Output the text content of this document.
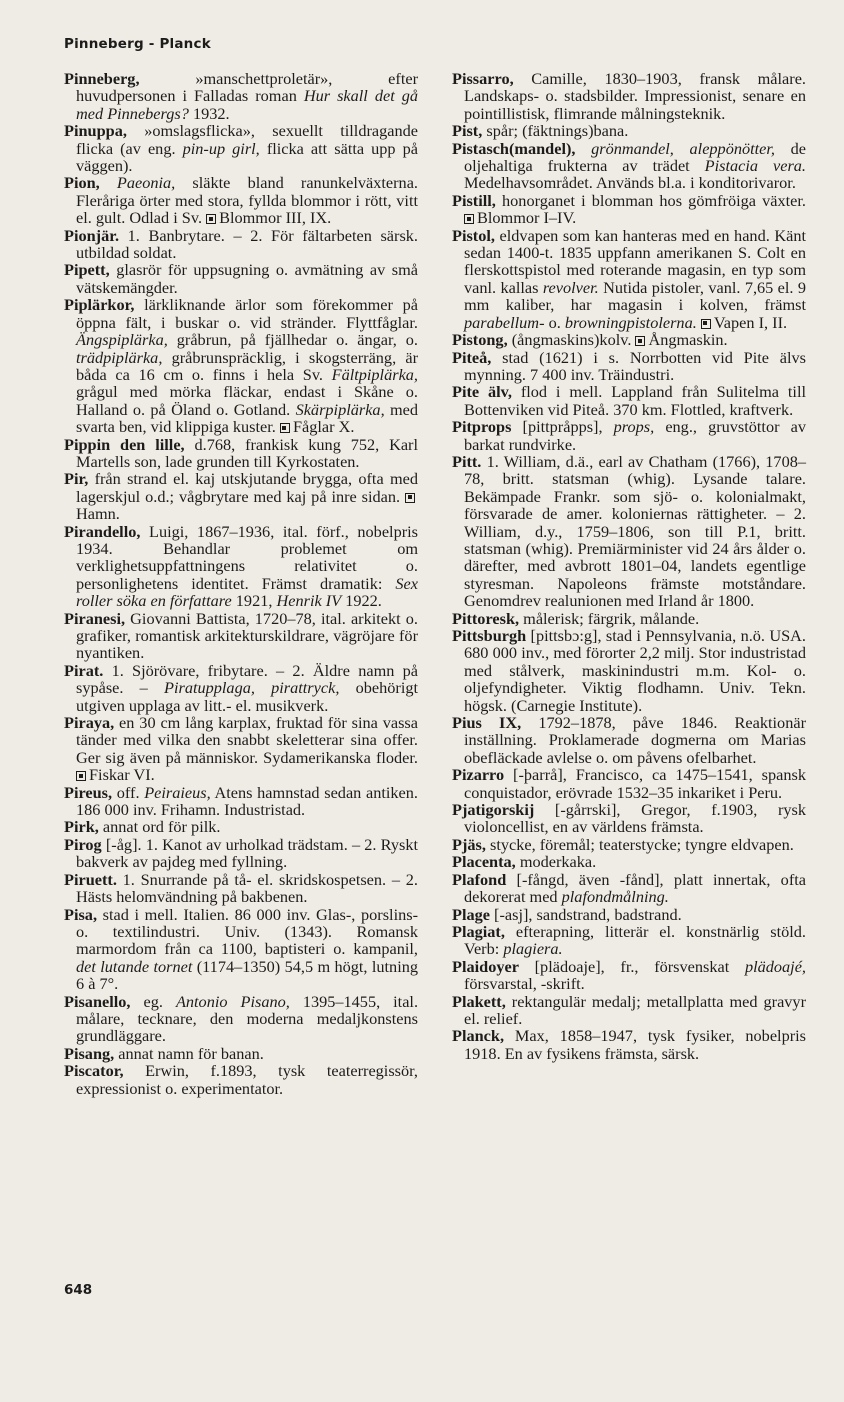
Pinneberg - Planck

Pinneberg, »manschettproletär», efter huvudpersonen i Falladas roman Hur skall det gå med Pinnebergs? 1932.

Pinuppa, »omslagsflicka», sexuellt tilldragande flicka (av eng. pin-up girl, flicka att sätta upp på väggen).

Pion, Paeonia, släkte bland ranunkelväxterna. Fleråriga örter med stora, fyllda blommor i rött, vitt el. gult. Odlad i Sv. Blommor III, IX.

Pionjär. 1. Banbrytare. – 2. För fältarbeten särsk. utbildad soldat.

Pipett, glasrör för uppsugning o. avmätning av små vätskemängder.

Piplärkor, lärkliknande ärlor som förekommer på öppna fält, i buskar o. vid stränder. Flyttfåglar. Ängspiplärka, gråbrun, på fjällhedar o. ängar, o. trädpiplärka, gråbrunspräcklig, i skogsterräng, är båda ca 16 cm o. finns i hela Sv. Fältpiplärka, grågul med mörka fläckar, endast i Skåne o. Halland o. på Öland o. Gotland. Skärpiplärka, med svarta ben, vid klippiga kuster. Fåglar X.

Pippin den lille, d.768, frankisk kung 752, Karl Martells son, lade grunden till Kyrkostaten.

Pir, från strand el. kaj utskjutande brygga, ofta med lagerskjul o.d.; vågbrytare med kaj på inre sidan. Hamn.

Pirandello, Luigi, 1867–1936, ital. förf., nobelpris 1934. Behandlar problemet om verklighetsuppfattningens relativitet o. personlighetens identitet. Främst dramatik: Sex roller söka en författare 1921, Henrik IV 1922.

Piranesi, Giovanni Battista, 1720–78, ital. arkitekt o. grafiker, romantisk arkitekturskildrare, vägröjare för nyantiken.

Pirat. 1. Sjörövare, fribytare. – 2. Äldre namn på sypåse. – Piratupplaga, pirattryck, obehörigt utgiven upplaga av litt.- el. musikverk.

Piraya, en 30 cm lång karplax, fruktad för sina vassa tänder med vilka den snabbt skeletterar sina offer. Ger sig även på människor. Sydamerikanska floder. Fiskar VI.

Pireus, off. Peiraieus, Atens hamnstad sedan antiken. 186 000 inv. Frihamn. Industristad.

Pirk, annat ord för pilk.

Pirog [-åg]. 1. Kanot av urholkad trädstam. – 2. Ryskt bakverk av pajdeg med fyllning.

Piruett. 1. Snurrande på tå- el. skridskospetsen. – 2. Hästs helomvändning på bakbenen.

Pisa, stad i mell. Italien. 86 000 inv. Glas-, porslins- o. textilindustri. Univ. (1343). Romansk marmordom från ca 1100, baptisteri o. kampanil, det lutande tornet (1174–1350) 54,5 m högt, lutning 6 à 7°.

Pisanello, eg. Antonio Pisano, 1395–1455, ital. målare, tecknare, den moderna medaljkonstens grundläggare.

Pisang, annat namn för banan.

Piscator, Erwin, f.1893, tysk teaterregissör, expressionist o. experimentator.

Pissarro, Camille, 1830–1903, fransk målare. Landskaps- o. stadsbilder. Impressionist, senare en pointillistisk, flimrande målningsteknik.

Pist, spår; (fäktnings)bana.

Pistasch(mandel), grönmandel, aleppönötter, de oljehaltiga frukterna av trädet Pistacia vera. Medelhavsområdet. Används bl.a. i konditorivaror.

Pistill, honorganet i blomman hos gömfröiga växter. Blommor I–IV.

Pistol, eldvapen som kan hanteras med en hand. Känt sedan 1400-t. 1835 uppfann amerikanen S. Colt en flerskottspistol med roterande magasin, en typ som vanl. kallas revolver. Nutida pistoler, vanl. 7,65 el. 9 mm kaliber, har magasin i kolven, främst parabellum- o. browningpistolerna. Vapen I, II.

Pistong, (ångmaskins)kolv. Ångmaskin.

Piteå, stad (1621) i s. Norrbotten vid Pite älvs mynning. 7 400 inv. Träindustri.

Pite älv, flod i mell. Lappland från Sulitelma till Bottenviken vid Piteå. 370 km. Flottled, kraftverk.

Pitprops [pittpråpps], props, eng., gruvstöttor av barkat rundvirke.

Pitt. 1. William, d.ä., earl av Chatham (1766), 1708–78, britt. statsman (whig). Lysande talare. Bekämpade Frankr. som sjö- o. kolonialmakt, försvarade de amer. koloniernas rättigheter. – 2. William, d.y., 1759–1806, son till P.1, britt. statsman (whig). Premiärminister vid 24 års ålder o. därefter, med avbrott 1801–04, landets egentlige styresman. Napoleons främste motståndare. Genomdrev realunionen med Irland år 1800.

Pittoresk, målerisk; färgrik, målande.

Pittsburgh [pittsbɔ:g], stad i Pennsylvania, n.ö. USA. 680 000 inv., med förorter 2,2 milj. Stor industristad med stålverk, maskinindustri m.m. Kol- o. oljefyndigheter. Viktig flodhamn. Univ. Tekn. högsk. (Carnegie Institute).

Pius IX, 1792–1878, påve 1846. Reaktionär inställning. Proklamerade dogmerna om Marias obefläckade avlelse o. om påvens ofelbarhet.

Pizarro [-þarrå], Francisco, ca 1475–1541, spansk conquistador, erövrade 1532–35 inkariket i Peru.

Pjatigorskij [-gårrski], Gregor, f.1903, rysk violoncellist, en av världens främsta.

Pjäs, stycke, föremål; teaterstycke; tyngre eldvapen.

Placenta, moderkaka.

Plafond [-fångd, även -fånd], platt innertak, ofta dekorerat med plafondmålning.

Plage [-asj], sandstrand, badstrand.

Plagiat, efterapning, litterär el. konstnärlig stöld. Verb: plagiera.

Plaidoyer [plädoaje], fr., försvenskat plädoajé, försvarstal, -skrift.

Plakett, rektangulär medalj; metallplatta med gravyr el. relief.

Planck, Max, 1858–1947, tysk fysiker, nobelpris 1918. En av fysikens främsta, särsk.

648
